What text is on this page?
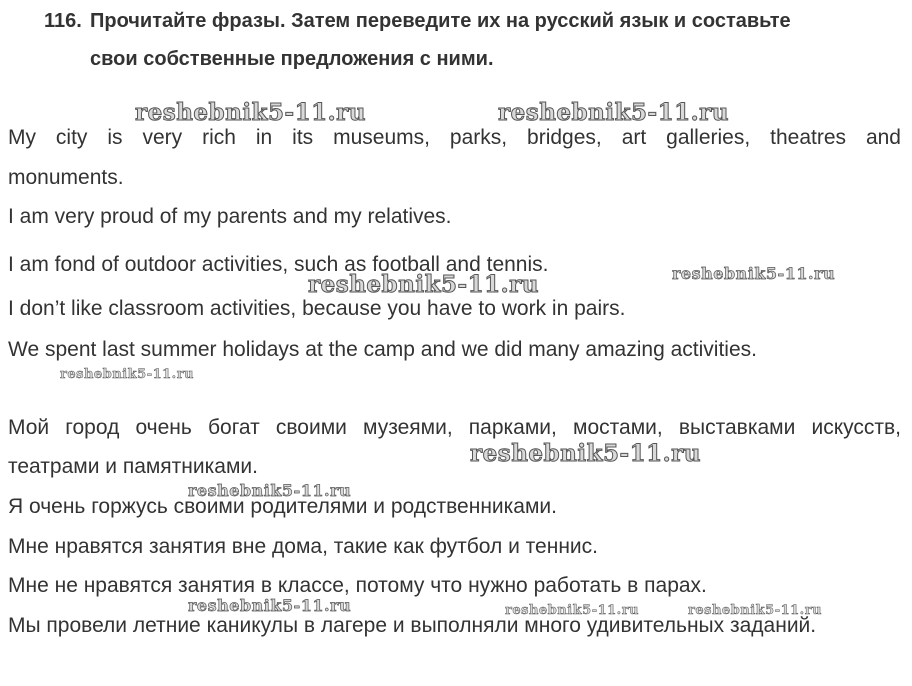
116. Прочитайте фразы. Затем переведите их на русский язык и составьте
свои собственные предложения с ними.
My city is very rich in its museums, parks, bridges, art galleries, theatres and
monuments.
I am very proud of my parents and my relatives.
I am fond of outdoor activities, such as football and tennis.
I don’t like classroom activities, because you have to work in pairs.
We spent last summer holidays at the camp and we did many amazing activities.
Мой город очень богат своими музеями, парками, мостами, выставками искусств,
театрами и памятниками.
Я очень горжусь своими родителями и родственниками.
Мне нравятся занятия вне дома, такие как футбол и теннис.
Мне не нравятся занятия в классе, потому что нужно работать в парах.
Мы провели летние каникулы в лагере и выполняли много удивительных заданий.
reshebnik5-11.ru	reshebnik5-11.ru
reshebnik5-11.ru
reshebnik5-11.ru
reshebnik5-11.ru
reshebnik5-11.ru
reshebnik5-11.ru
reshebnik5-11.ru	reshebnik5-11.ru	reshebnik5-11.ru
